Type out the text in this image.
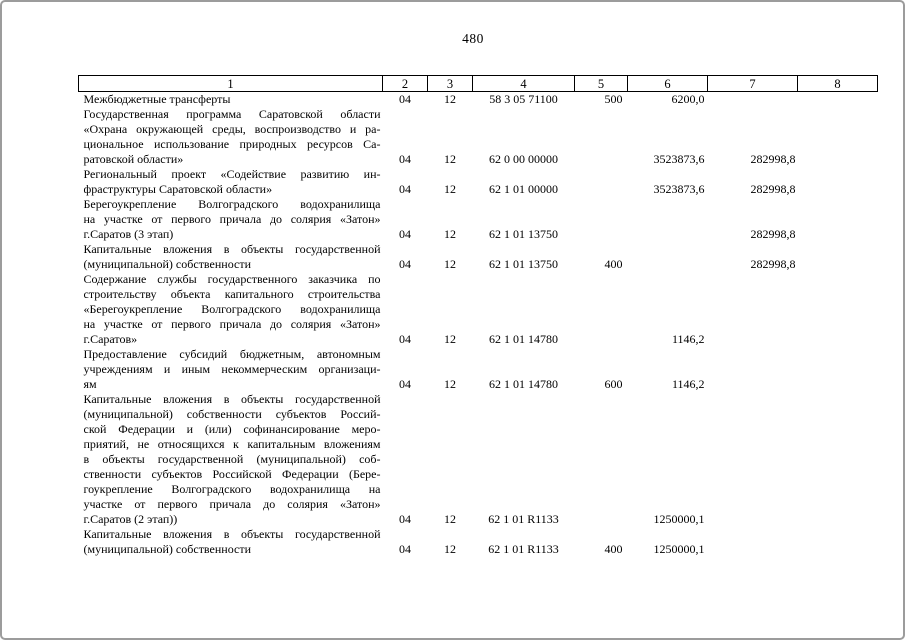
480
1	2	3	4	5	6	7	8

Межбюджетные трансферты	04	12	58 3 05 71100	500	6200,0		

Государственная программа Саратовской области
«Охрана окружающей среды, воспроизводство и ра-
циональное использование природных ресурсов Са-
ратовской области»	04	12	62 0 00 00000		3523873,6	282998,8	

Региональный проект «Содействие развитию ин-
фраструктуры Саратовской области»	04	12	62 1 01 00000		3523873,6	282998,8	

Берегоукрепление Волгоградского водохранилища
на участке от первого причала до солярия «Затон»
г.Саратов (3 этап)	04	12	62 1 01 13750			282998,8	

Капитальные вложения в объекты государственной
(муниципальной) собственности	04	12	62 1 01 13750	400		282998,8	

Содержание службы государственного заказчика по
строительству объекта капитального строительства
«Берегоукрепление Волгоградского водохранилища
на участке от первого причала до солярия «Затон»
г.Саратов»	04	12	62 1 01 14780		1146,2		

Предоставление субсидий бюджетным, автономным
учреждениям и иным некоммерческим организаци-
ям	04	12	62 1 01 14780	600	1146,2		

Капитальные вложения в объекты государственной
(муниципальной) собственности субъектов Россий-
ской Федерации и (или) софинансирование меро-
приятий, не относящихся к капитальным вложениям
в объекты государственной (муниципальной) соб-
ственности субъектов Российской Федерации (Бере-
гоукрепление Волгоградского водохранилища на
участке от первого причала до солярия «Затон»
г.Саратов (2 этап))	04	12	62 1 01 R1133		1250000,1		

Капитальные вложения в объекты государственной
(муниципальной) собственности	04	12	62 1 01 R1133	400	1250000,1		
